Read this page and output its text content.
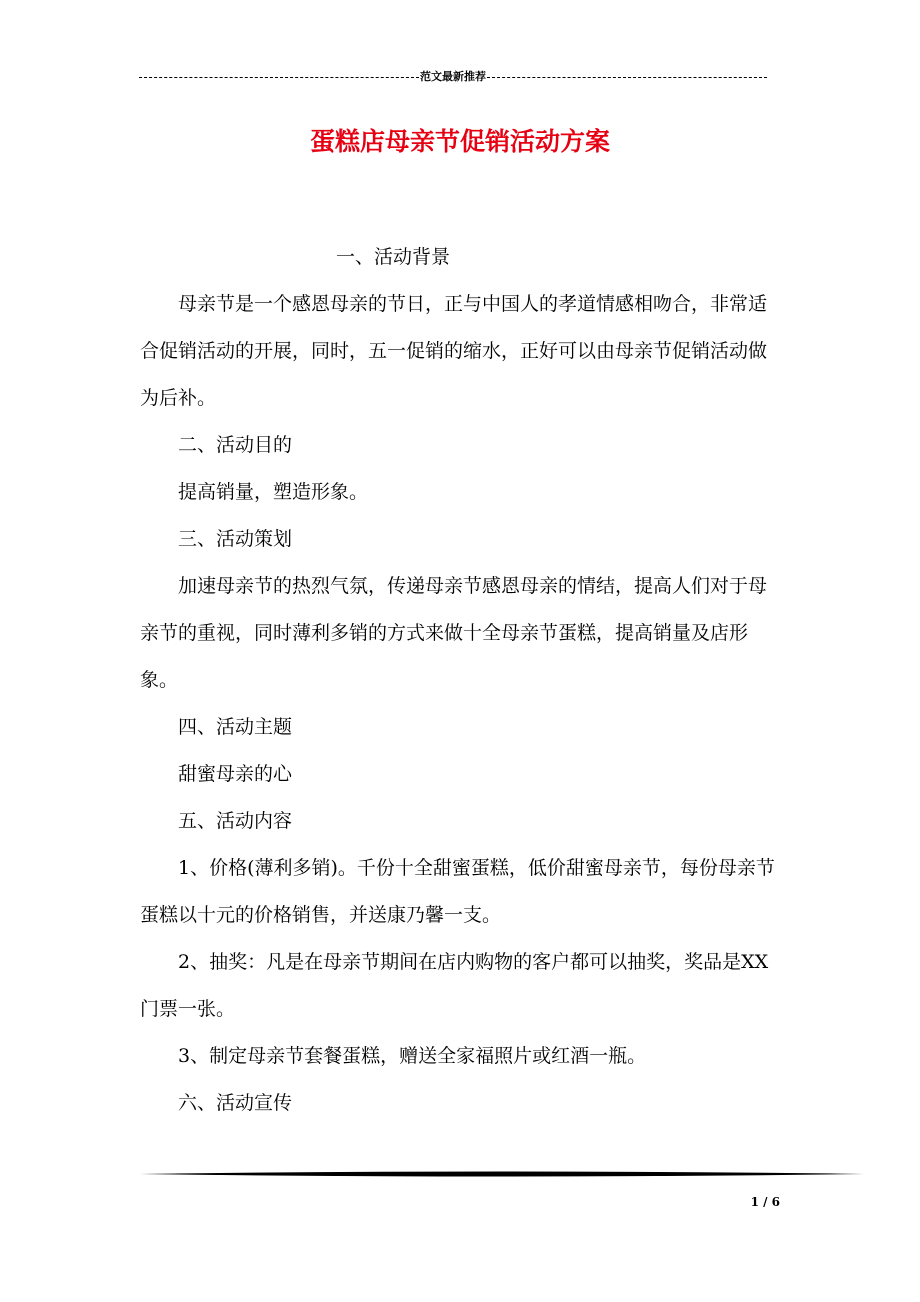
范文最新推荐
蛋糕店母亲节促销活动方案

一、活动背景

母亲节是一个感恩母亲的节日，正与中国人的孝道情感相吻合，非常适合促销活动的开展，同时，五一促销的缩水，正好可以由母亲节促销活动做为后补。

二、活动目的

提高销量，塑造形象。

三、活动策划

加速母亲节的热烈气氛，传递母亲节感恩母亲的情结，提高人们对于母亲节的重视，同时薄利多销的方式来做十全母亲节蛋糕，提高销量及店形象。

四、活动主题

甜蜜母亲的心

五、活动内容

1、价格(薄利多销)。千份十全甜蜜蛋糕，低价甜蜜母亲节，每份母亲节蛋糕以十元的价格销售，并送康乃馨一支。

2、抽奖：凡是在母亲节期间在店内购物的客户都可以抽奖，奖品是XX门票一张。

3、制定母亲节套餐蛋糕，赠送全家福照片或红酒一瓶。

六、活动宣传

1 / 6
